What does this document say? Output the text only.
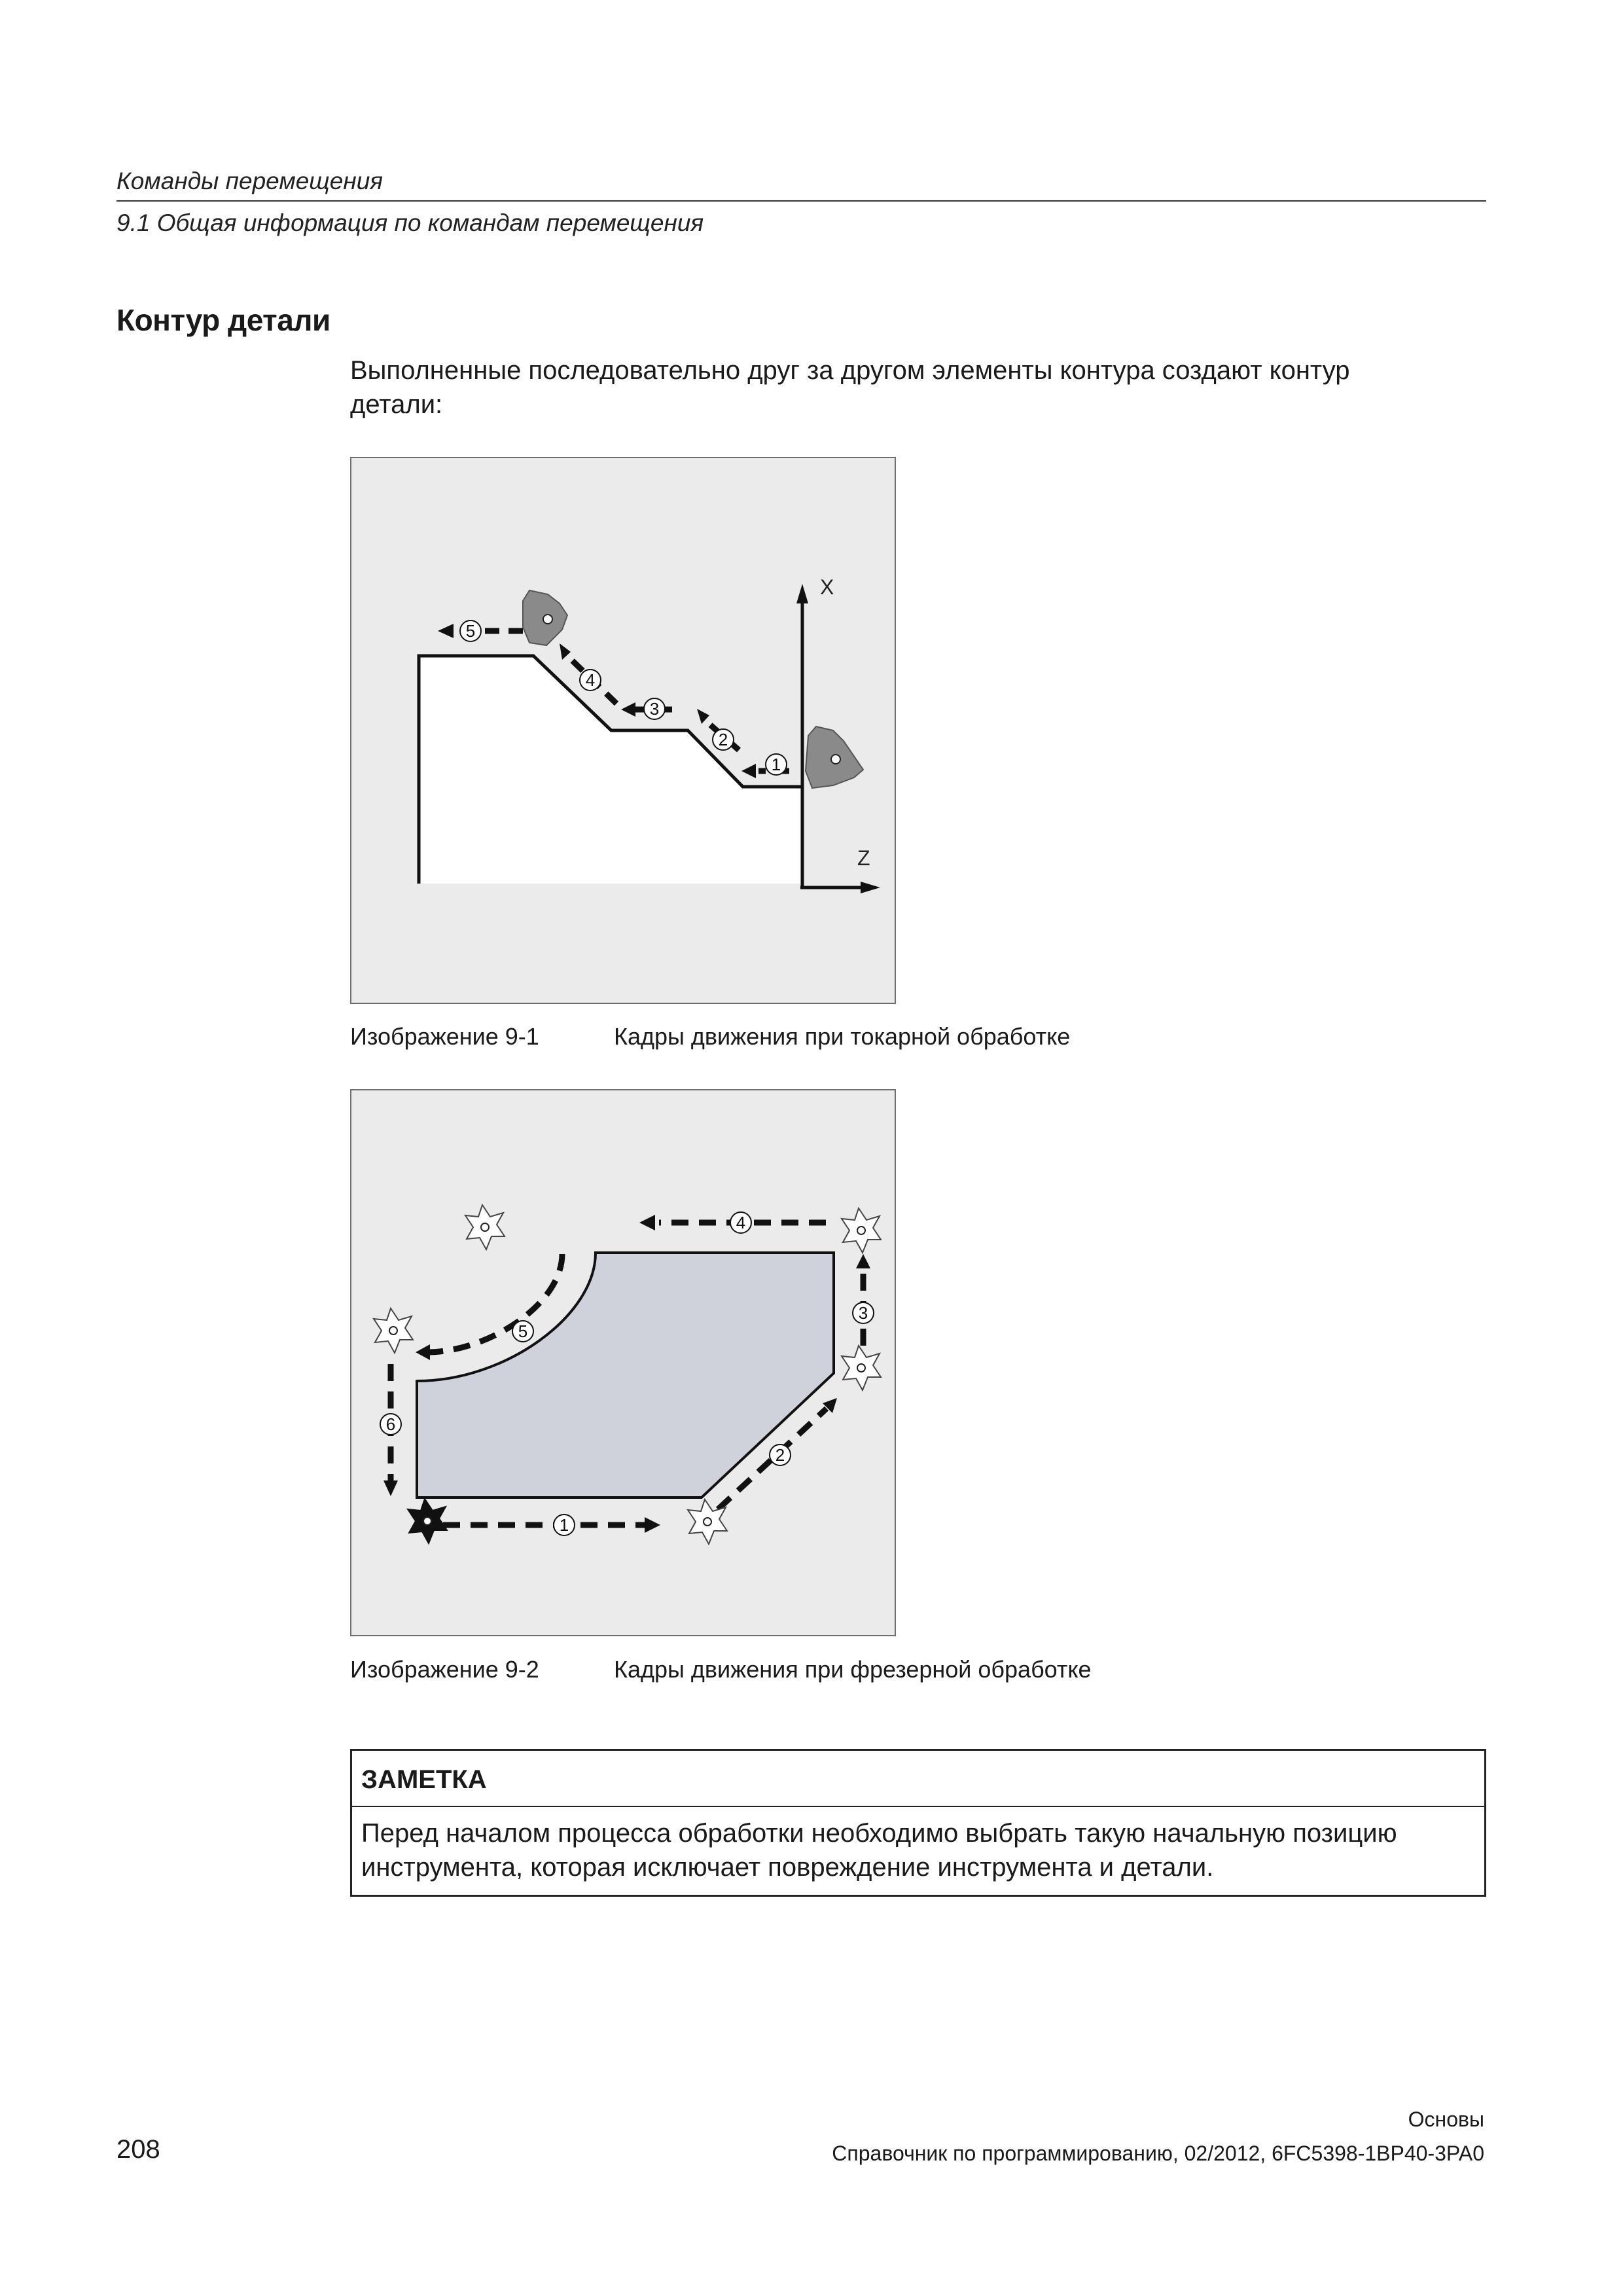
Команды перемещения
9.1 Общая информация по командам перемещения
Контур детали
Выполненные последовательно друг за другом элементы контура создают контур
детали:
X
Z
1
2
3
4
5
Изображение 9-1	Кадры движения при токарной обработке
1
2
3
4
5
6
Изображение 9-2	Кадры движения при фрезерной обработке
ЗАМЕТКА
Перед началом процесса обработки необходимо выбрать такую начальную позицию
инструмента, которая исключает повреждение инструмента и детали.
Основы
208	Справочник по программированию, 02/2012, 6FC5398-1BP40-3PA0
